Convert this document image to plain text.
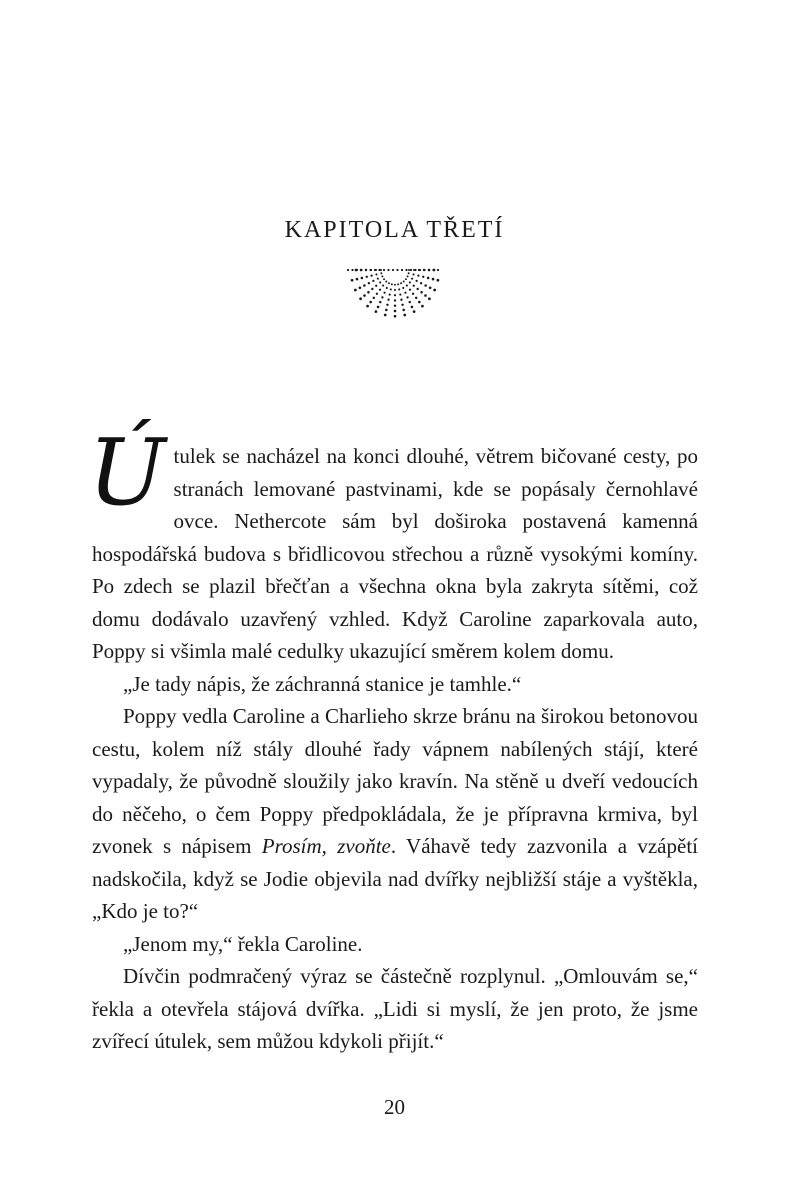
KAPITOLA TŘETÍ

Útulek se nacházel na konci dlouhé, větrem bičované cesty, po stranách lemované pastvinami, kde se popásaly černohlavé ovce. Nethercote sám byl doširoka postavená kamenná hospodářská budova s břidlicovou střechou a různě vysokými komíny. Po zdech se plazil břečťan a všechna okna byla zakryta sítěmi, což domu dodávalo uzavřený vzhled. Když Caroline zaparkovala auto, Poppy si všimla malé cedulky ukazující směrem kolem domu.

„Je tady nápis, že záchranná stanice je tamhle.“

Poppy vedla Caroline a Charlieho skrze bránu na širokou betonovou cestu, kolem níž stály dlouhé řady vápnem nabílených stájí, které vypadaly, že původně sloužily jako kravín. Na stěně u dveří vedoucích do něčeho, o čem Poppy předpokládala, že je přípravna krmiva, byl zvonek s nápisem Prosím, zvoňte. Váhavě tedy zazvonila a vzápětí nadskočila, když se Jodie objevila nad dvířky nejbližší stáje a vyštěkla, „Kdo je to?“

„Jenom my,“ řekla Caroline.

Dívčin podmračený výraz se částečně rozplynul. „Omlouvám se,“ řekla a otevřela stájová dvířka. „Lidi si myslí, že jen proto, že jsme zvířecí útulek, sem můžou kdykoli přijít.“

20
